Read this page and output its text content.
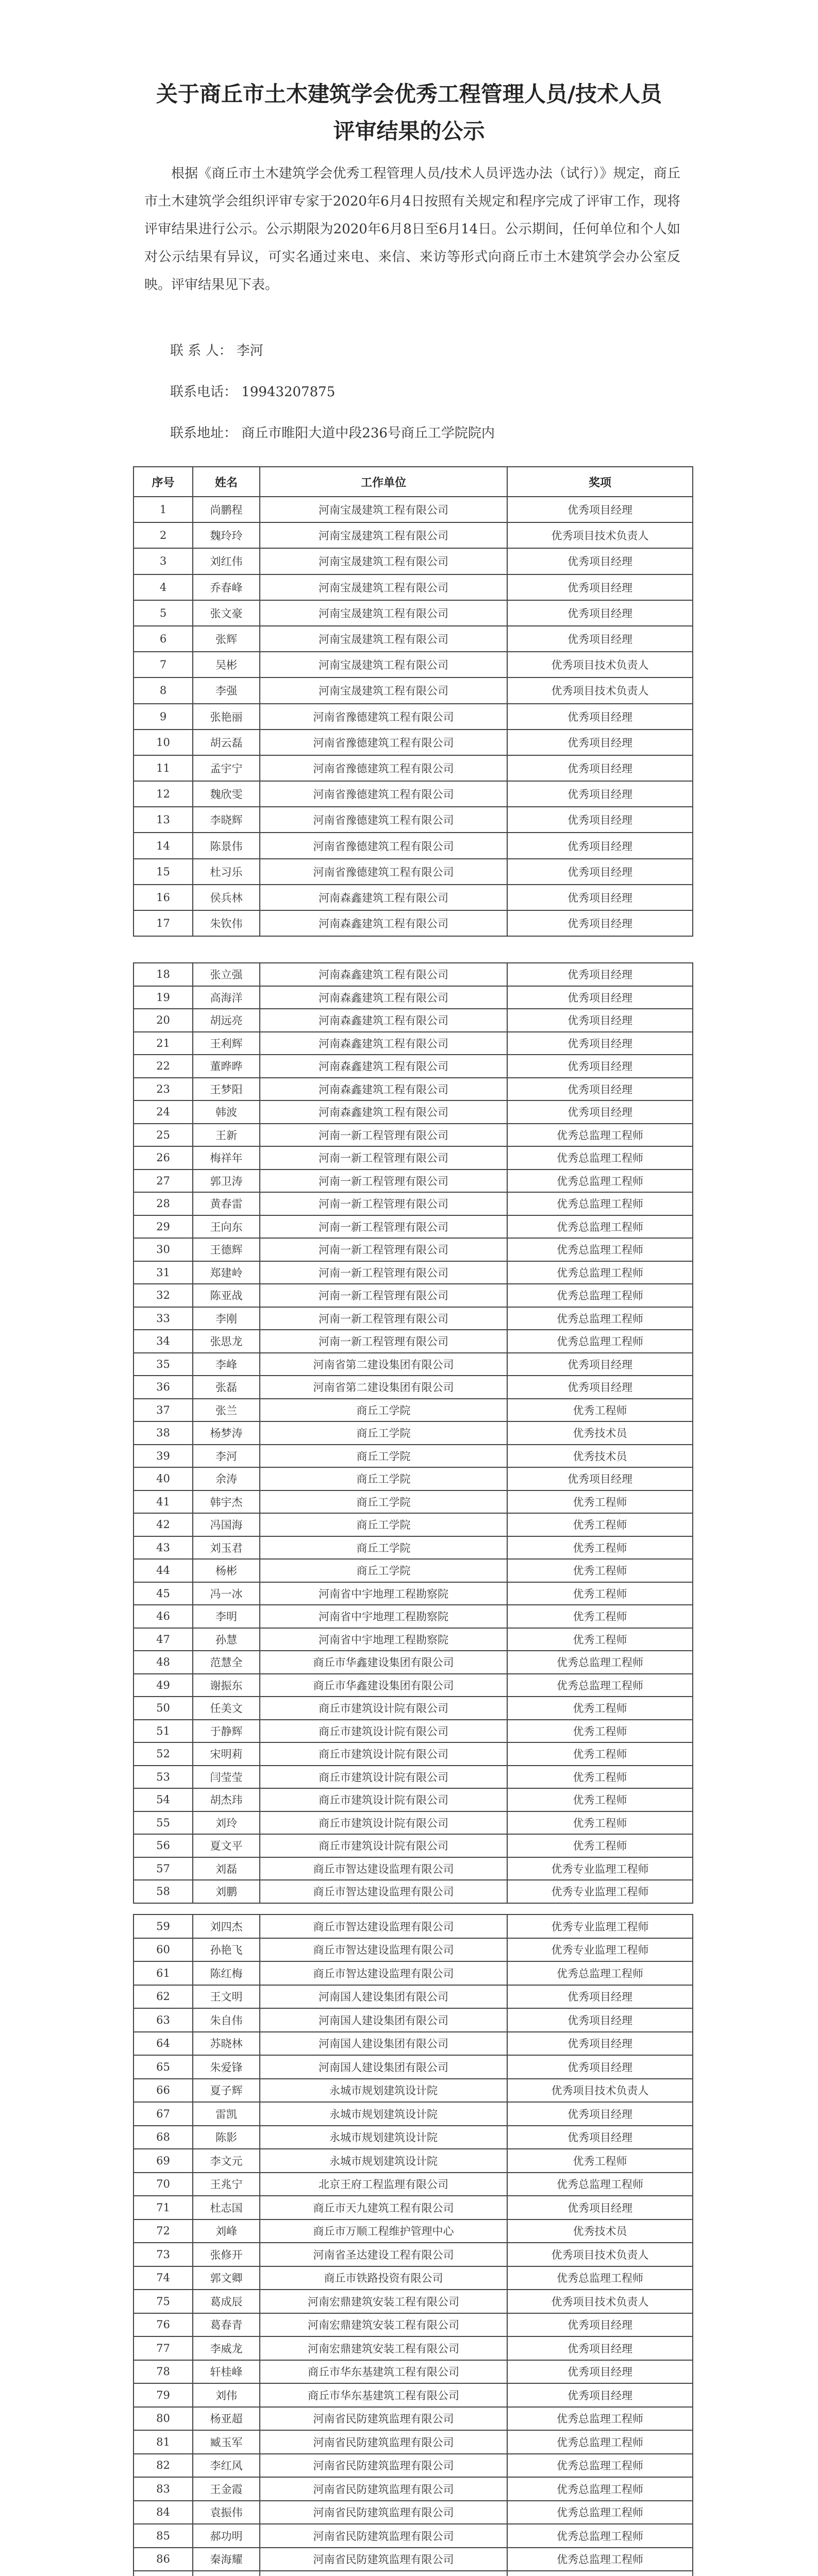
关于商丘市土木建筑学会优秀工程管理人员/技术人员
评审结果的公示
根据《商丘市土木建筑学会优秀工程管理人员/技术人员评选办法（试行）》规定，商丘市土木建筑学会组织评审专家于2020年6月4日按照有关规定和程序完成了评审工作，现将评审结果进行公示。公示期限为2020年6月8日至6月14日。公示期间，任何单位和个人如对公示结果有异议，可实名通过来电、来信、来访等形式向商丘市土木建筑学会办公室反映。评审结果见下表。
联 系 人： 李河
联系电话： 19943207875
联系地址： 商丘市睢阳大道中段236号商丘工学院院内
序号	姓名	工作单位	奖项
1	尚鹏程	河南宝晟建筑工程有限公司	优秀项目经理
2	魏玲玲	河南宝晟建筑工程有限公司	优秀项目技术负责人
3	刘红伟	河南宝晟建筑工程有限公司	优秀项目经理
4	乔春峰	河南宝晟建筑工程有限公司	优秀项目经理
5	张文豪	河南宝晟建筑工程有限公司	优秀项目经理
6	张辉	河南宝晟建筑工程有限公司	优秀项目经理
7	吴彬	河南宝晟建筑工程有限公司	优秀项目技术负责人
8	李强	河南宝晟建筑工程有限公司	优秀项目技术负责人
9	张艳丽	河南省豫德建筑工程有限公司	优秀项目经理
10	胡云磊	河南省豫德建筑工程有限公司	优秀项目经理
11	孟宇宁	河南省豫德建筑工程有限公司	优秀项目经理
12	魏欣雯	河南省豫德建筑工程有限公司	优秀项目经理
13	李晓辉	河南省豫德建筑工程有限公司	优秀项目经理
14	陈景伟	河南省豫德建筑工程有限公司	优秀项目经理
15	杜习乐	河南省豫德建筑工程有限公司	优秀项目经理
16	侯兵林	河南森鑫建筑工程有限公司	优秀项目经理
17	朱钦伟	河南森鑫建筑工程有限公司	优秀项目经理
18	张立强	河南森鑫建筑工程有限公司	优秀项目经理
19	高海洋	河南森鑫建筑工程有限公司	优秀项目经理
20	胡远亮	河南森鑫建筑工程有限公司	优秀项目经理
21	王利辉	河南森鑫建筑工程有限公司	优秀项目经理
22	董晔晔	河南森鑫建筑工程有限公司	优秀项目经理
23	王梦阳	河南森鑫建筑工程有限公司	优秀项目经理
24	韩波	河南森鑫建筑工程有限公司	优秀项目经理
25	王新	河南一新工程管理有限公司	优秀总监理工程师
26	梅祥年	河南一新工程管理有限公司	优秀总监理工程师
27	郭卫涛	河南一新工程管理有限公司	优秀总监理工程师
28	黄春雷	河南一新工程管理有限公司	优秀总监理工程师
29	王向东	河南一新工程管理有限公司	优秀总监理工程师
30	王德辉	河南一新工程管理有限公司	优秀总监理工程师
31	郑建岭	河南一新工程管理有限公司	优秀总监理工程师
32	陈亚战	河南一新工程管理有限公司	优秀总监理工程师
33	李刚	河南一新工程管理有限公司	优秀总监理工程师
34	张思龙	河南一新工程管理有限公司	优秀总监理工程师
35	李峰	河南省第二建设集团有限公司	优秀项目经理
36	张磊	河南省第二建设集团有限公司	优秀项目经理
37	张兰	商丘工学院	优秀工程师
38	杨梦涛	商丘工学院	优秀技术员
39	李河	商丘工学院	优秀技术员
40	余涛	商丘工学院	优秀项目经理
41	韩宇杰	商丘工学院	优秀工程师
42	冯国海	商丘工学院	优秀工程师
43	刘玉君	商丘工学院	优秀工程师
44	杨彬	商丘工学院	优秀工程师
45	冯一冰	河南省中宇地理工程勘察院	优秀工程师
46	李明	河南省中宇地理工程勘察院	优秀工程师
47	孙慧	河南省中宇地理工程勘察院	优秀工程师
48	范慧全	商丘市华鑫建设集团有限公司	优秀总监理工程师
49	谢振东	商丘市华鑫建设集团有限公司	优秀总监理工程师
50	任美文	商丘市建筑设计院有限公司	优秀工程师
51	于静辉	商丘市建筑设计院有限公司	优秀工程师
52	宋明莉	商丘市建筑设计院有限公司	优秀工程师
53	闫莹莹	商丘市建筑设计院有限公司	优秀工程师
54	胡杰玮	商丘市建筑设计院有限公司	优秀工程师
55	刘玲	商丘市建筑设计院有限公司	优秀工程师
56	夏文平	商丘市建筑设计院有限公司	优秀工程师
57	刘磊	商丘市智达建设监理有限公司	优秀专业监理工程师
58	刘鹏	商丘市智达建设监理有限公司	优秀专业监理工程师
59	刘四杰	商丘市智达建设监理有限公司	优秀专业监理工程师
60	孙艳飞	商丘市智达建设监理有限公司	优秀专业监理工程师
61	陈红梅	商丘市智达建设监理有限公司	优秀总监理工程师
62	王文明	河南国人建设集团有限公司	优秀项目经理
63	朱自伟	河南国人建设集团有限公司	优秀项目经理
64	苏晓林	河南国人建设集团有限公司	优秀项目经理
65	朱爱锋	河南国人建设集团有限公司	优秀项目经理
66	夏子辉	永城市规划建筑设计院	优秀项目技术负责人
67	雷凯	永城市规划建筑设计院	优秀项目经理
68	陈影	永城市规划建筑设计院	优秀项目经理
69	李文元	永城市规划建筑设计院	优秀工程师
70	王兆宁	北京王府工程监理有限公司	优秀总监理工程师
71	杜志国	商丘市天九建筑工程有限公司	优秀项目经理
72	刘峰	商丘市万顺工程维护管理中心	优秀技术员
73	张修开	河南省圣达建设工程有限公司	优秀项目技术负责人
74	郭文卿	商丘市铁路投资有限公司	优秀总监理工程师
75	葛成辰	河南宏鼎建筑安装工程有限公司	优秀项目技术负责人
76	葛春青	河南宏鼎建筑安装工程有限公司	优秀项目经理
77	李威龙	河南宏鼎建筑安装工程有限公司	优秀项目经理
78	轩桂峰	商丘市华东基建筑工程有限公司	优秀项目经理
79	刘伟	商丘市华东基建筑工程有限公司	优秀项目经理
80	杨亚超	河南省民防建筑监理有限公司	优秀总监理工程师
81	臧玉军	河南省民防建筑监理有限公司	优秀总监理工程师
82	李红风	河南省民防建筑监理有限公司	优秀总监理工程师
83	王金霞	河南省民防建筑监理有限公司	优秀总监理工程师
84	袁振伟	河南省民防建筑监理有限公司	优秀总监理工程师
85	郝功明	河南省民防建筑监理有限公司	优秀总监理工程师
86	秦海耀	河南省民防建筑监理有限公司	优秀总监理工程师
